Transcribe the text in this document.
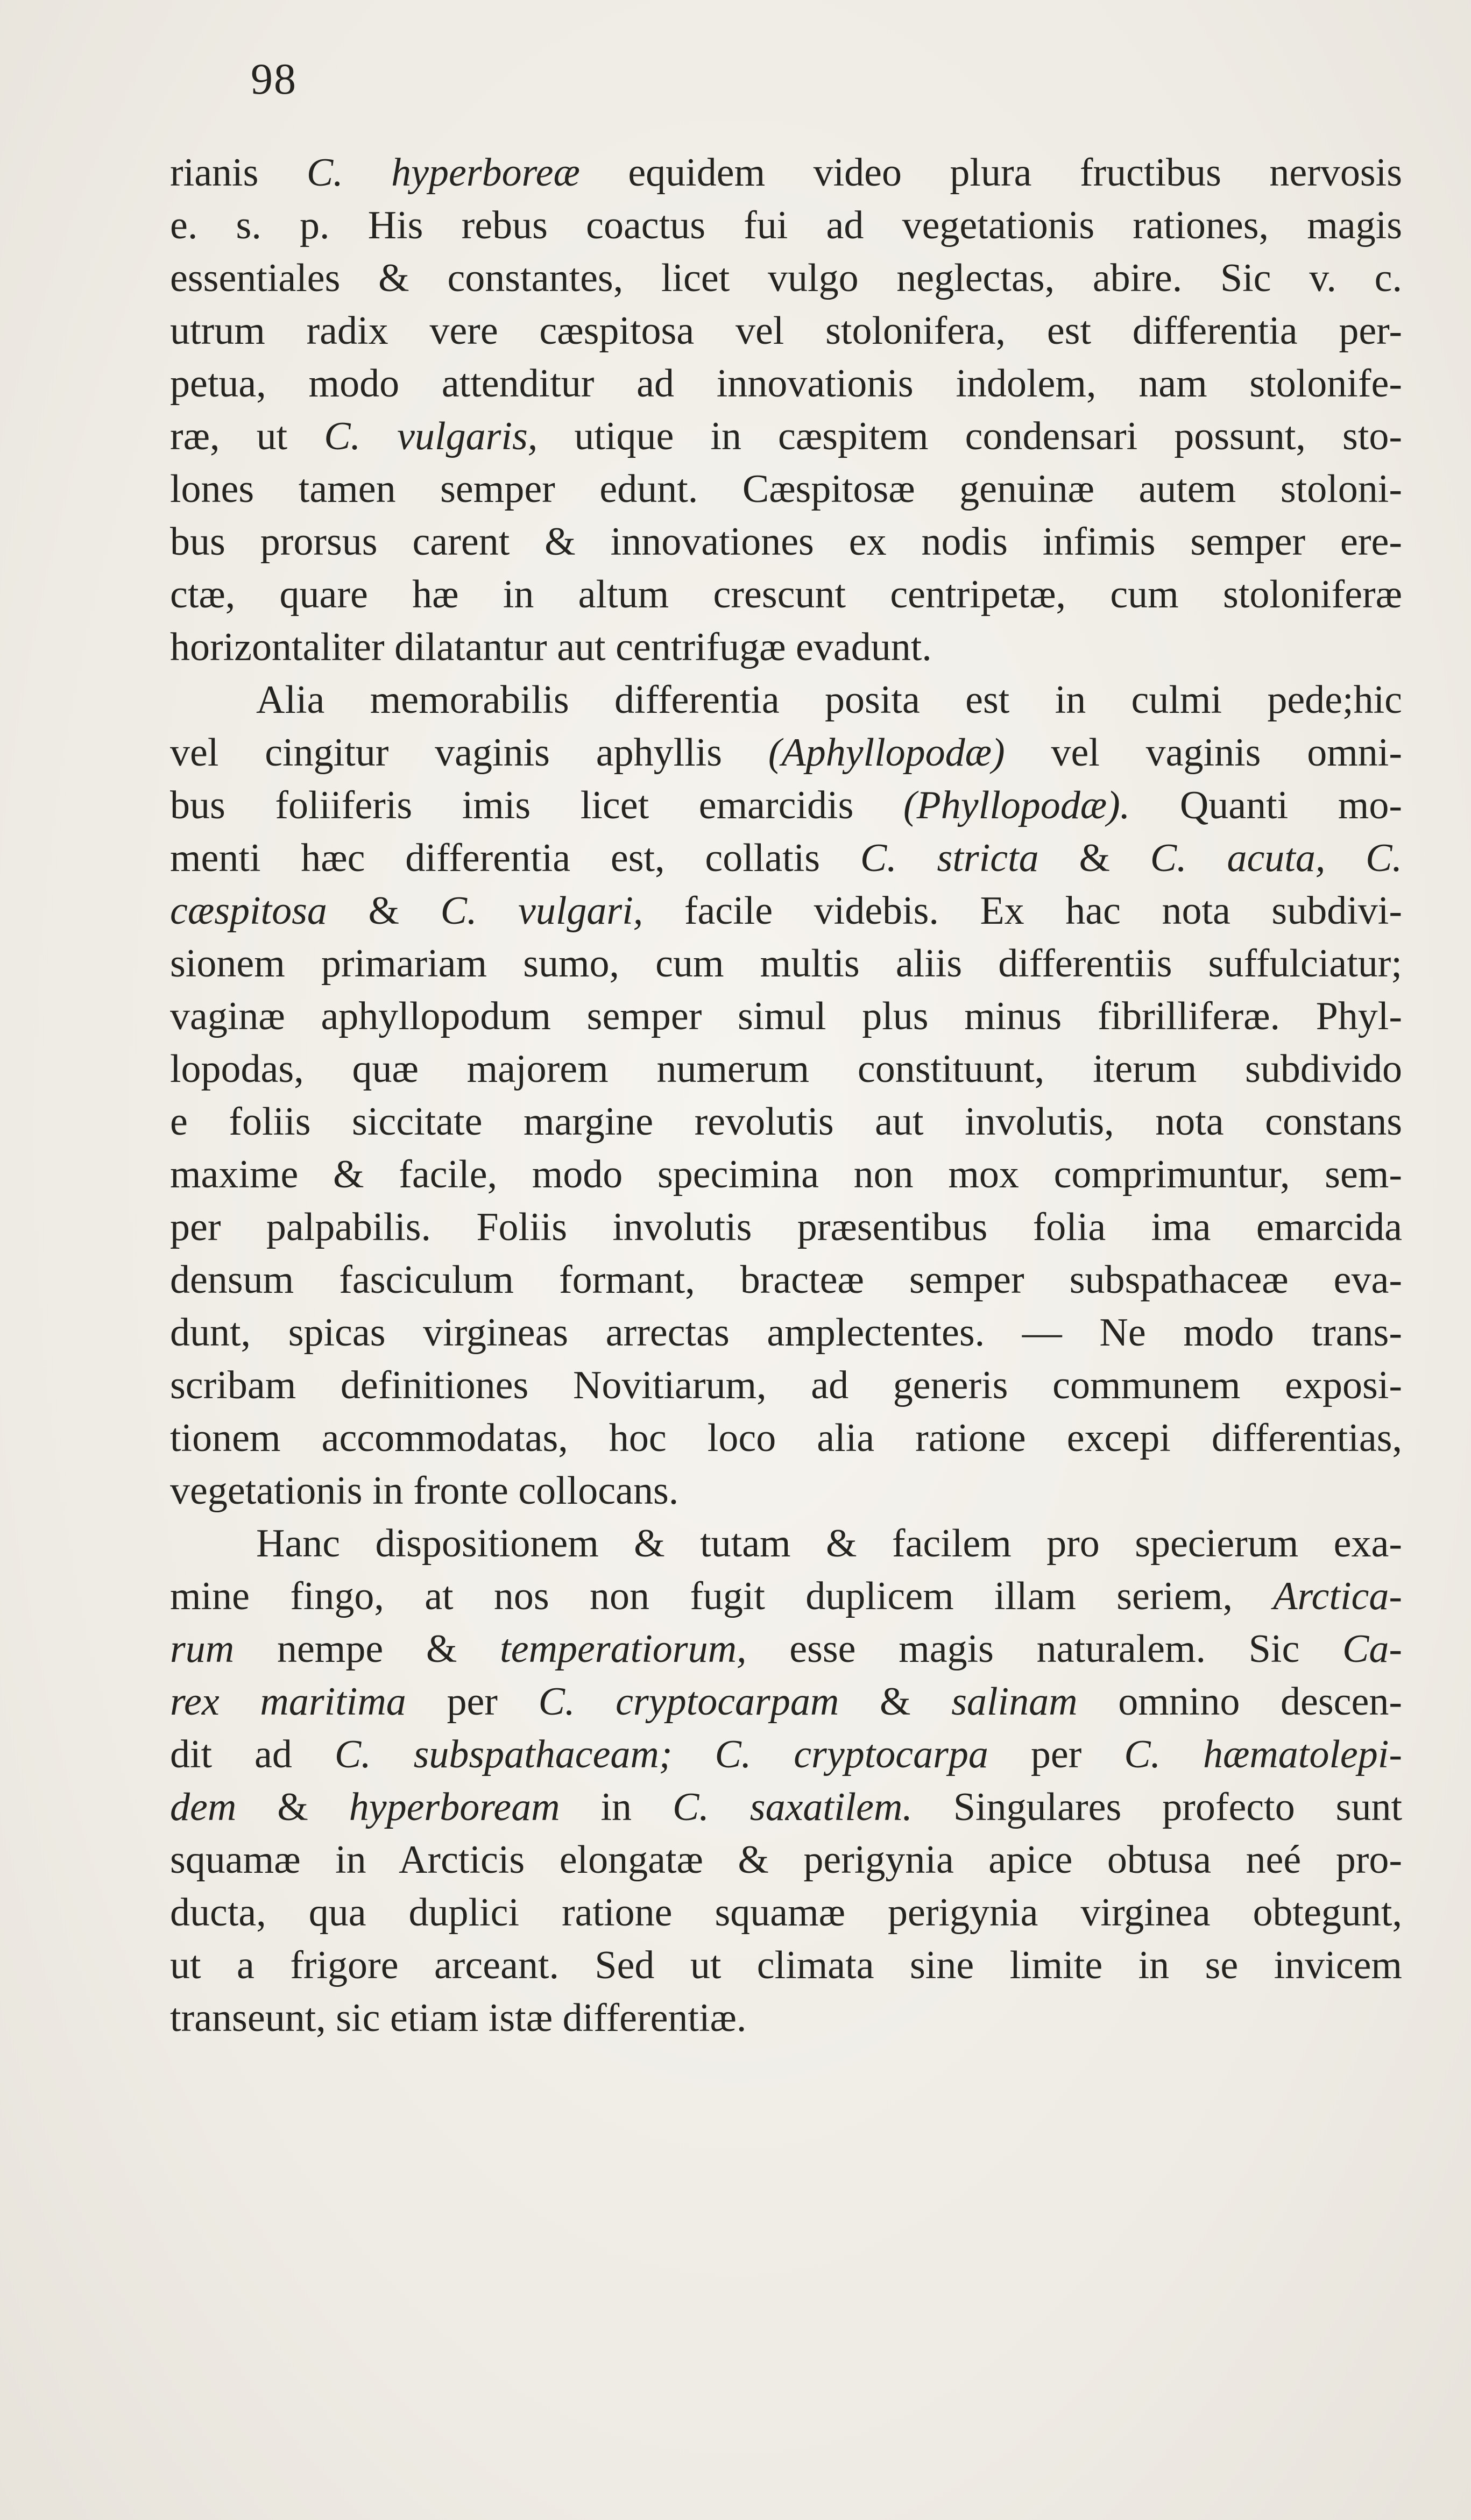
98
rianis C. hyperboreæ equidem video plura fructibus nervosis
e. s. p. His rebus coactus fui ad vegetationis rationes, magis
essentiales & constantes, licet vulgo neglectas, abire. Sic v. c.
utrum radix vere cæspitosa vel stolonifera, est differentia per-
petua, modo attenditur ad innovationis indolem, nam stolonife-
ræ, ut C. vulgaris, utique in cæspitem condensari possunt, sto-
lones tamen semper edunt. Cæspitosæ genuinæ autem stoloni-
bus prorsus carent & innovationes ex nodis infimis semper ere-
ctæ, quare hæ in altum crescunt centripetæ, cum stoloniferæ
horizontaliter dilatantur aut centrifugæ evadunt.
Alia memorabilis differentia posita est in culmi pede;hic
vel cingitur vaginis aphyllis (Aphyllopodæ) vel vaginis omni-
bus foliiferis imis licet emarcidis (Phyllopodæ). Quanti mo-
menti hæc differentia est, collatis C. stricta & C. acuta, C.
cæspitosa & C. vulgari, facile videbis. Ex hac nota subdivi-
sionem primariam sumo, cum multis aliis differentiis suffulciatur;
vaginæ aphyllopodum semper simul plus minus fibrilliferæ. Phyl-
lopodas, quæ majorem numerum constituunt, iterum subdivido
e foliis siccitate margine revolutis aut involutis, nota constans
maxime & facile, modo specimina non mox comprimuntur, sem-
per palpabilis. Foliis involutis præsentibus folia ima emarcida
densum fasciculum formant, bracteæ semper subspathaceæ eva-
dunt, spicas virgineas arrectas amplectentes. — Ne modo trans-
scribam definitiones Novitiarum, ad generis communem exposi-
tionem accommodatas, hoc loco alia ratione excepi differentias,
vegetationis in fronte collocans.
Hanc dispositionem & tutam & facilem pro specierum exa-
mine fingo, at nos non fugit duplicem illam seriem, Arctica-
rum nempe & temperatiorum, esse magis naturalem. Sic Ca-
rex maritima per C. cryptocarpam & salinam omnino descen-
dit ad C. subspathaceam; C. cryptocarpa per C. hæmatolepi-
dem & hyperboream in C. saxatilem. Singulares profecto sunt
squamæ in Arcticis elongatæ & perigynia apice obtusa neé pro-
ducta, qua duplici ratione squamæ perigynia virginea obtegunt,
ut a frigore arceant. Sed ut climata sine limite in se invicem
transeunt, sic etiam istæ differentiæ.
